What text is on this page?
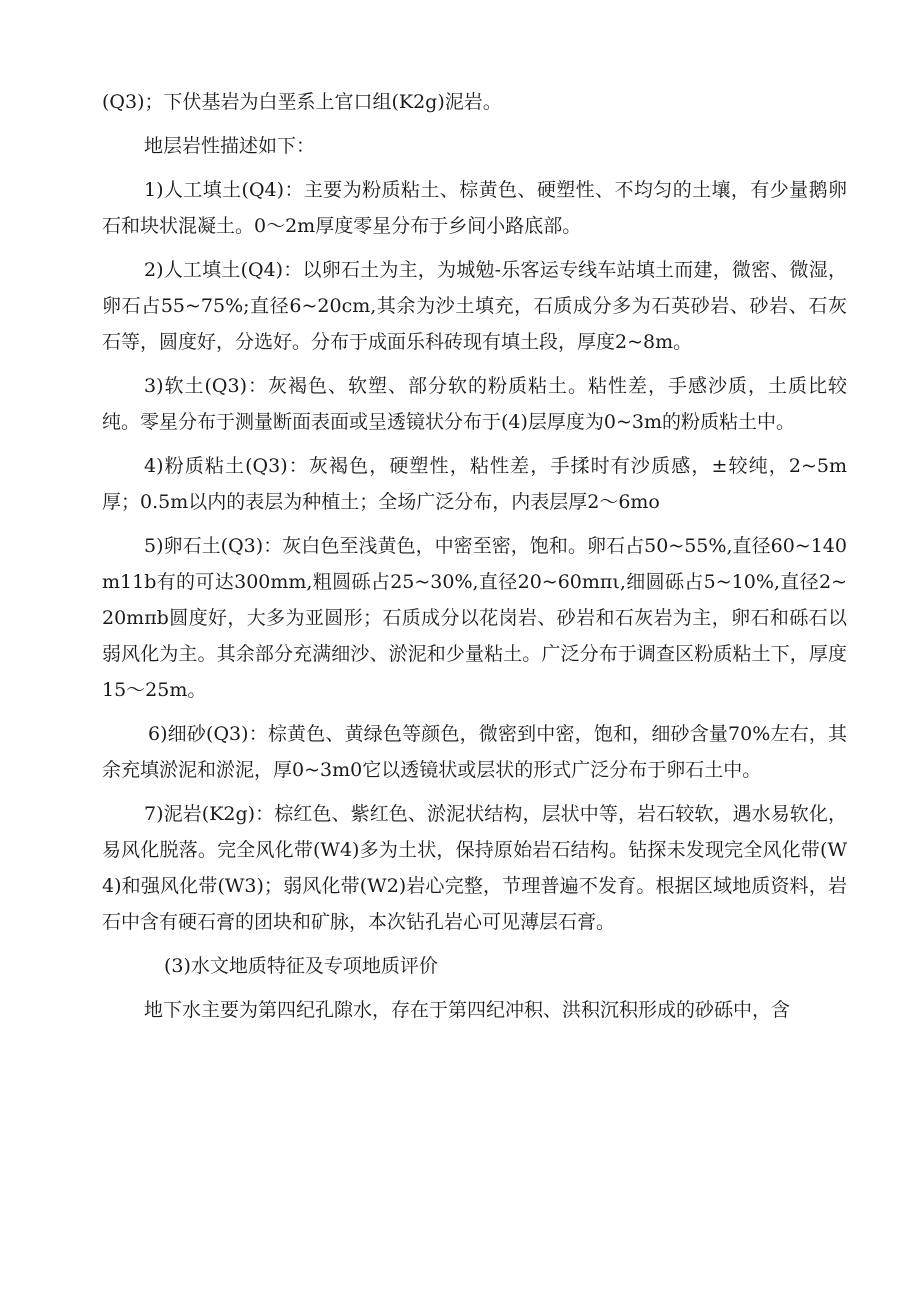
(Q3)；下伏基岩为白垩系上官口组(K2g)泥岩。

地层岩性描述如下：

1)人工填土(Q4)：主要为粉质粘土、棕黄色、硬塑性、不均匀的土壤，有少量鹅卵石和块状混凝土。0～2m厚度零星分布于乡间小路底部。

2)人工填土(Q4)：以卵石土为主，为城勉-乐客运专线车站填土而建，微密、微湿，卵石占55~75%;直径6~20cm,其余为沙土填充，石质成分多为石英砂岩、砂岩、石灰石等，圆度好，分选好。分布于成面乐科砖现有填土段，厚度2~8m。

3)软土(Q3)：灰褐色、软塑、部分软的粉质粘土。粘性差，手感沙质，土质比较纯。零星分布于测量断面表面或呈透镜状分布于(4)层厚度为0~3m的粉质粘土中。

4)粉质粘土(Q3)：灰褐色，硬塑性，粘性差，手揉时有沙质感，±较纯，2~5m厚；0.5m以内的表层为种植土；全场广泛分布，内表层厚2～6mo

5)卵石土(Q3)：灰白色至浅黄色，中密至密，饱和。卵石占50~55%,直径60~140m11b有的可达300mm,粗圆砾占25~30%,直径20~60mπι,细圆砾占5~10%,直径2~20mπb圆度好，大多为亚圆形；石质成分以花岗岩、砂岩和石灰岩为主，卵石和砾石以弱风化为主。其余部分充满细沙、淤泥和少量粘土。广泛分布于调查区粉质粘土下，厚度15～25m。

6)细砂(Q3)：棕黄色、黄绿色等颜色，微密到中密，饱和，细砂含量70%左右，其余充填淤泥和淤泥，厚0~3m0它以透镜状或层状的形式广泛分布于卵石土中。

7)泥岩(K2g)：棕红色、紫红色、淤泥状结构，层状中等，岩石较软，遇水易软化，易风化脱落。完全风化带(W4)多为土状，保持原始岩石结构。钻探未发现完全风化带(W4)和强风化带(W3)；弱风化带(W2)岩心完整，节理普遍不发育。根据区域地质资料，岩石中含有硬石膏的团块和矿脉，本次钻孔岩心可见薄层石膏。

(3)水文地质特征及专项地质评价

地下水主要为第四纪孔隙水，存在于第四纪冲积、洪积沉积形成的砂砾中，含
